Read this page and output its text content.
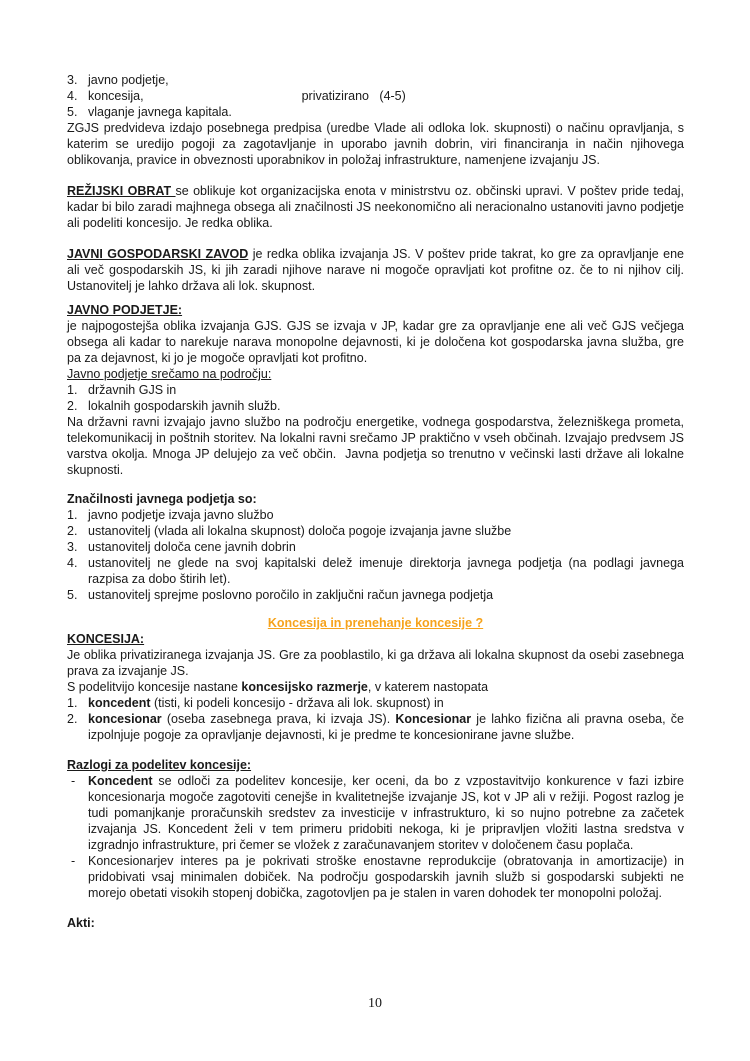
3. javno podjetje,
4. koncesija,	privatizirano   (4-5)
5. vlaganje javnega kapitala.
ZGJS predvideva izdajo posebnega predpisa (uredbe Vlade ali odloka lok. skupnosti) o načinu opravljanja, s katerim se uredijo pogoji za zagotavljanje in uporabo javnih dobrin, viri financiranja in način njihovega oblikovanja, pravice in obveznosti uporabnikov in položaj infrastrukture, namenjene izvajanju JS.
REŽIJSKI OBRAT se oblikuje kot organizacijska enota v ministrstvu oz. občinski upravi. V poštev pride tedaj, kadar bi bilo zaradi majhnega obsega ali značilnosti JS neekonomično ali neracionalno ustanoviti javno podjetje ali podeliti koncesijo. Je redka oblika.
JAVNI GOSPODARSKI ZAVOD je redka oblika izvajanja JS. V poštev pride takrat, ko gre za opravljanje ene ali več gospodarskih JS, ki jih zaradi njihove narave ni mogoče opravljati kot profitne oz. če to ni njihov cilj. Ustanovitelj je lahko država ali lok. skupnost.
JAVNO PODJETJE:
je najpogostejša oblika izvajanja GJS. GJS se izvaja v JP, kadar gre za opravljanje ene ali več GJS večjega obsega ali kadar to narekuje narava monopolne dejavnosti, ki je določena kot gospodarska javna služba, gre pa za dejavnost, ki jo je mogoče opravljati kot profitno.
Javno podjetje srečamo na področju:
1. državnih GJS in
2. lokalnih gospodarskih javnih služb.
Na državni ravni izvajajo javno službo na področju energetike, vodnega gospodarstva, železniškega prometa, telekomunikacij in poštnih storitev. Na lokalni ravni srečamo JP praktično v vseh občinah. Izvajajo predvsem JS varstva okolja. Mnoga JP delujejo za več občin.  Javna podjetja so trenutno v večinski lasti države ali lokalne skupnosti.
Značilnosti javnega podjetja so:
1. javno podjetje izvaja javno službo
2. ustanovitelj (vlada ali lokalna skupnost) določa pogoje izvajanja javne službe
3. ustanovitelj določa cene javnih dobrin
4. ustanovitelj ne glede na svoj kapitalski delež imenuje direktorja javnega podjetja (na podlagi javnega razpisa za dobo štirih let).
5. ustanovitelj sprejme poslovno poročilo in zaključni račun javnega podjetja
Koncesija in prenehanje koncesije ?
KONCESIJA:
Je oblika privatiziranega izvajanja JS. Gre za pooblastilo, ki ga država ali lokalna skupnost da osebi zasebnega prava za izvajanje JS.
S podelitvijo koncesije nastane koncesijsko razmerje, v katerem nastopata
1. koncedent (tisti, ki podeli koncesijo - država ali lok. skupnost) in
2. koncesionar (oseba zasebnega prava, ki izvaja JS). Koncesionar je lahko fizična ali pravna oseba, če izpolnjuje pogoje za opravljanje dejavnosti, ki je predme te koncesionirane javne službe.
Razlogi za podelitev koncesije:
- Koncedent se odloči za podelitev koncesije, ker oceni, da bo z vzpostavitvijo konkurence v fazi izbire koncesionarja mogoče zagotoviti cenejše in kvalitetnejše izvajanje JS, kot v JP ali v režiji. Pogost razlog je tudi pomanjkanje proračunskih sredstev za investicije v infrastrukturo, ki so nujno potrebne za začetek izvajanja JS. Koncedent želi v tem primeru pridobiti nekoga, ki je pripravljen vložiti lastna sredstva v izgradnjo infrastrukture, pri čemer se vložek z zaračunavanjem storitev v določenem času poplača.
- Koncesionarjev interes pa je pokrivati stroške enostavne reprodukcije (obratovanja in amortizacije) in pridobivati vsaj minimalen dobiček. Na področju gospodarskih javnih služb si gospodarski subjekti ne morejo obetati visokih stopenj dobička, zagotovljen pa je stalen in varen dohodek ter monopolni položaj.
Akti:
10
